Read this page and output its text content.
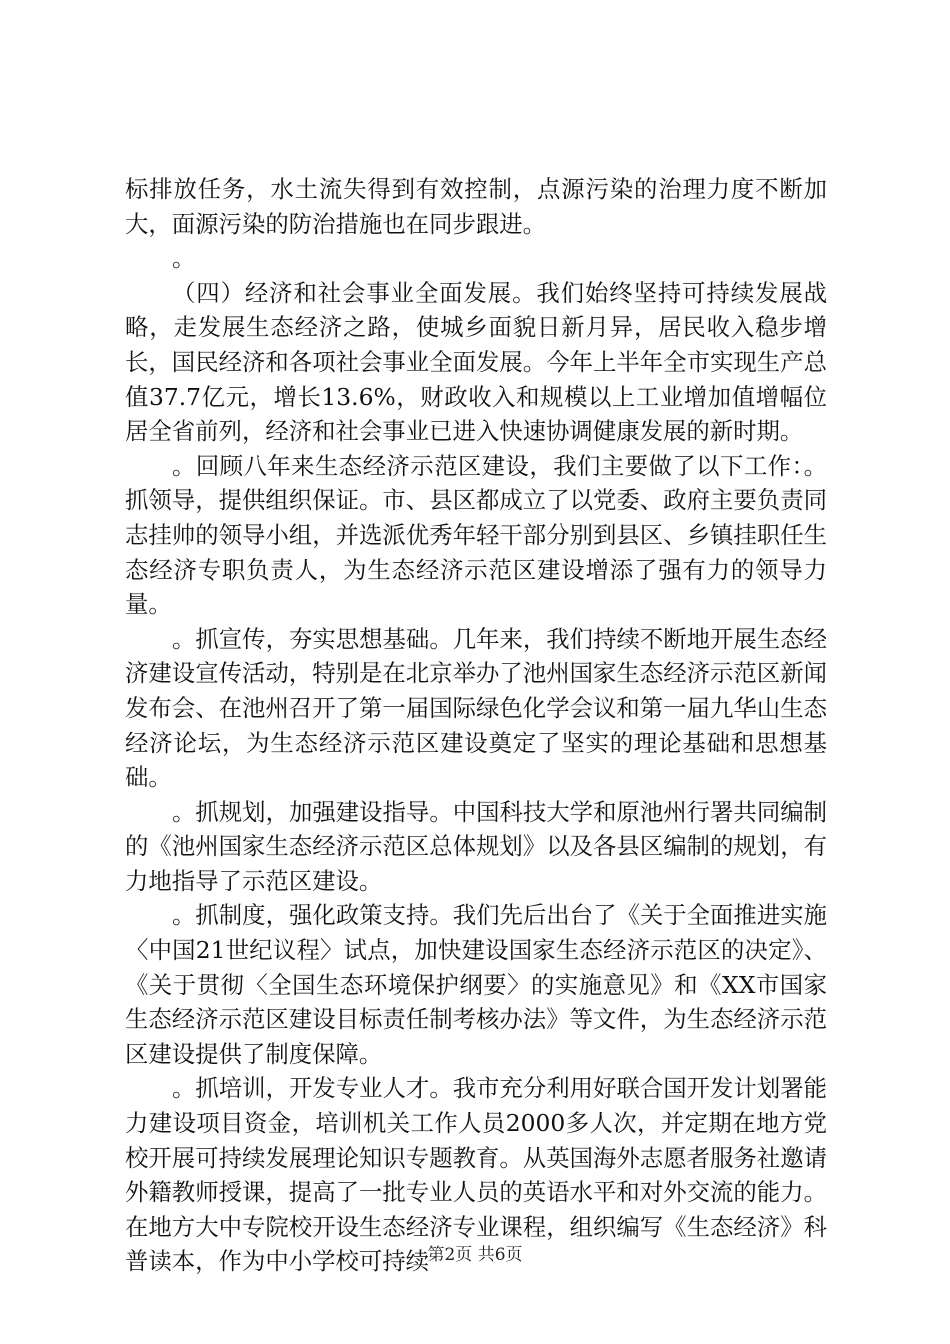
标排放任务，水土流失得到有效控制，点源污染的治理力度不断加大，面源污染的防治措施也在同步跟进。

。

（四）经济和社会事业全面发展。我们始终坚持可持续发展战略，走发展生态经济之路，使城乡面貌日新月异，居民收入稳步增长，国民经济和各项社会事业全面发展。今年上半年全市实现生产总值37.7亿元，增长13.6%，财政收入和规模以上工业增加值增幅位居全省前列，经济和社会事业已进入快速协调健康发展的新时期。

。回顾八年来生态经济示范区建设，我们主要做了以下工作：。抓领导，提供组织保证。市、县区都成立了以党委、政府主要负责同志挂帅的领导小组，并选派优秀年轻干部分别到县区、乡镇挂职任生态经济专职负责人，为生态经济示范区建设增添了强有力的领导力量。

。抓宣传，夯实思想基础。几年来，我们持续不断地开展生态经济建设宣传活动，特别是在北京举办了池州国家生态经济示范区新闻发布会、在池州召开了第一届国际绿色化学会议和第一届九华山生态经济论坛，为生态经济示范区建设奠定了坚实的理论基础和思想基础。

。抓规划，加强建设指导。中国科技大学和原池州行署共同编制的《池州国家生态经济示范区总体规划》以及各县区编制的规划，有力地指导了示范区建设。

。抓制度，强化政策支持。我们先后出台了《关于全面推进实施〈中国21世纪议程〉试点，加快建设国家生态经济示范区的决定》、《关于贯彻〈全国生态环境保护纲要〉的实施意见》和《XX市国家生态经济示范区建设目标责任制考核办法》等文件，为生态经济示范区建设提供了制度保障。

。抓培训，开发专业人才。我市充分利用好联合国开发计划署能力建设项目资金，培训机关工作人员2000多人次，并定期在地方党校开展可持续发展理论知识专题教育。从英国海外志愿者服务社邀请外籍教师授课，提高了一批专业人员的英语水平和对外交流的能力。在地方大中专院校开设生态经济专业课程，组织编写《生态经济》科普读本，作为中小学校可持续

第2页 共6页
